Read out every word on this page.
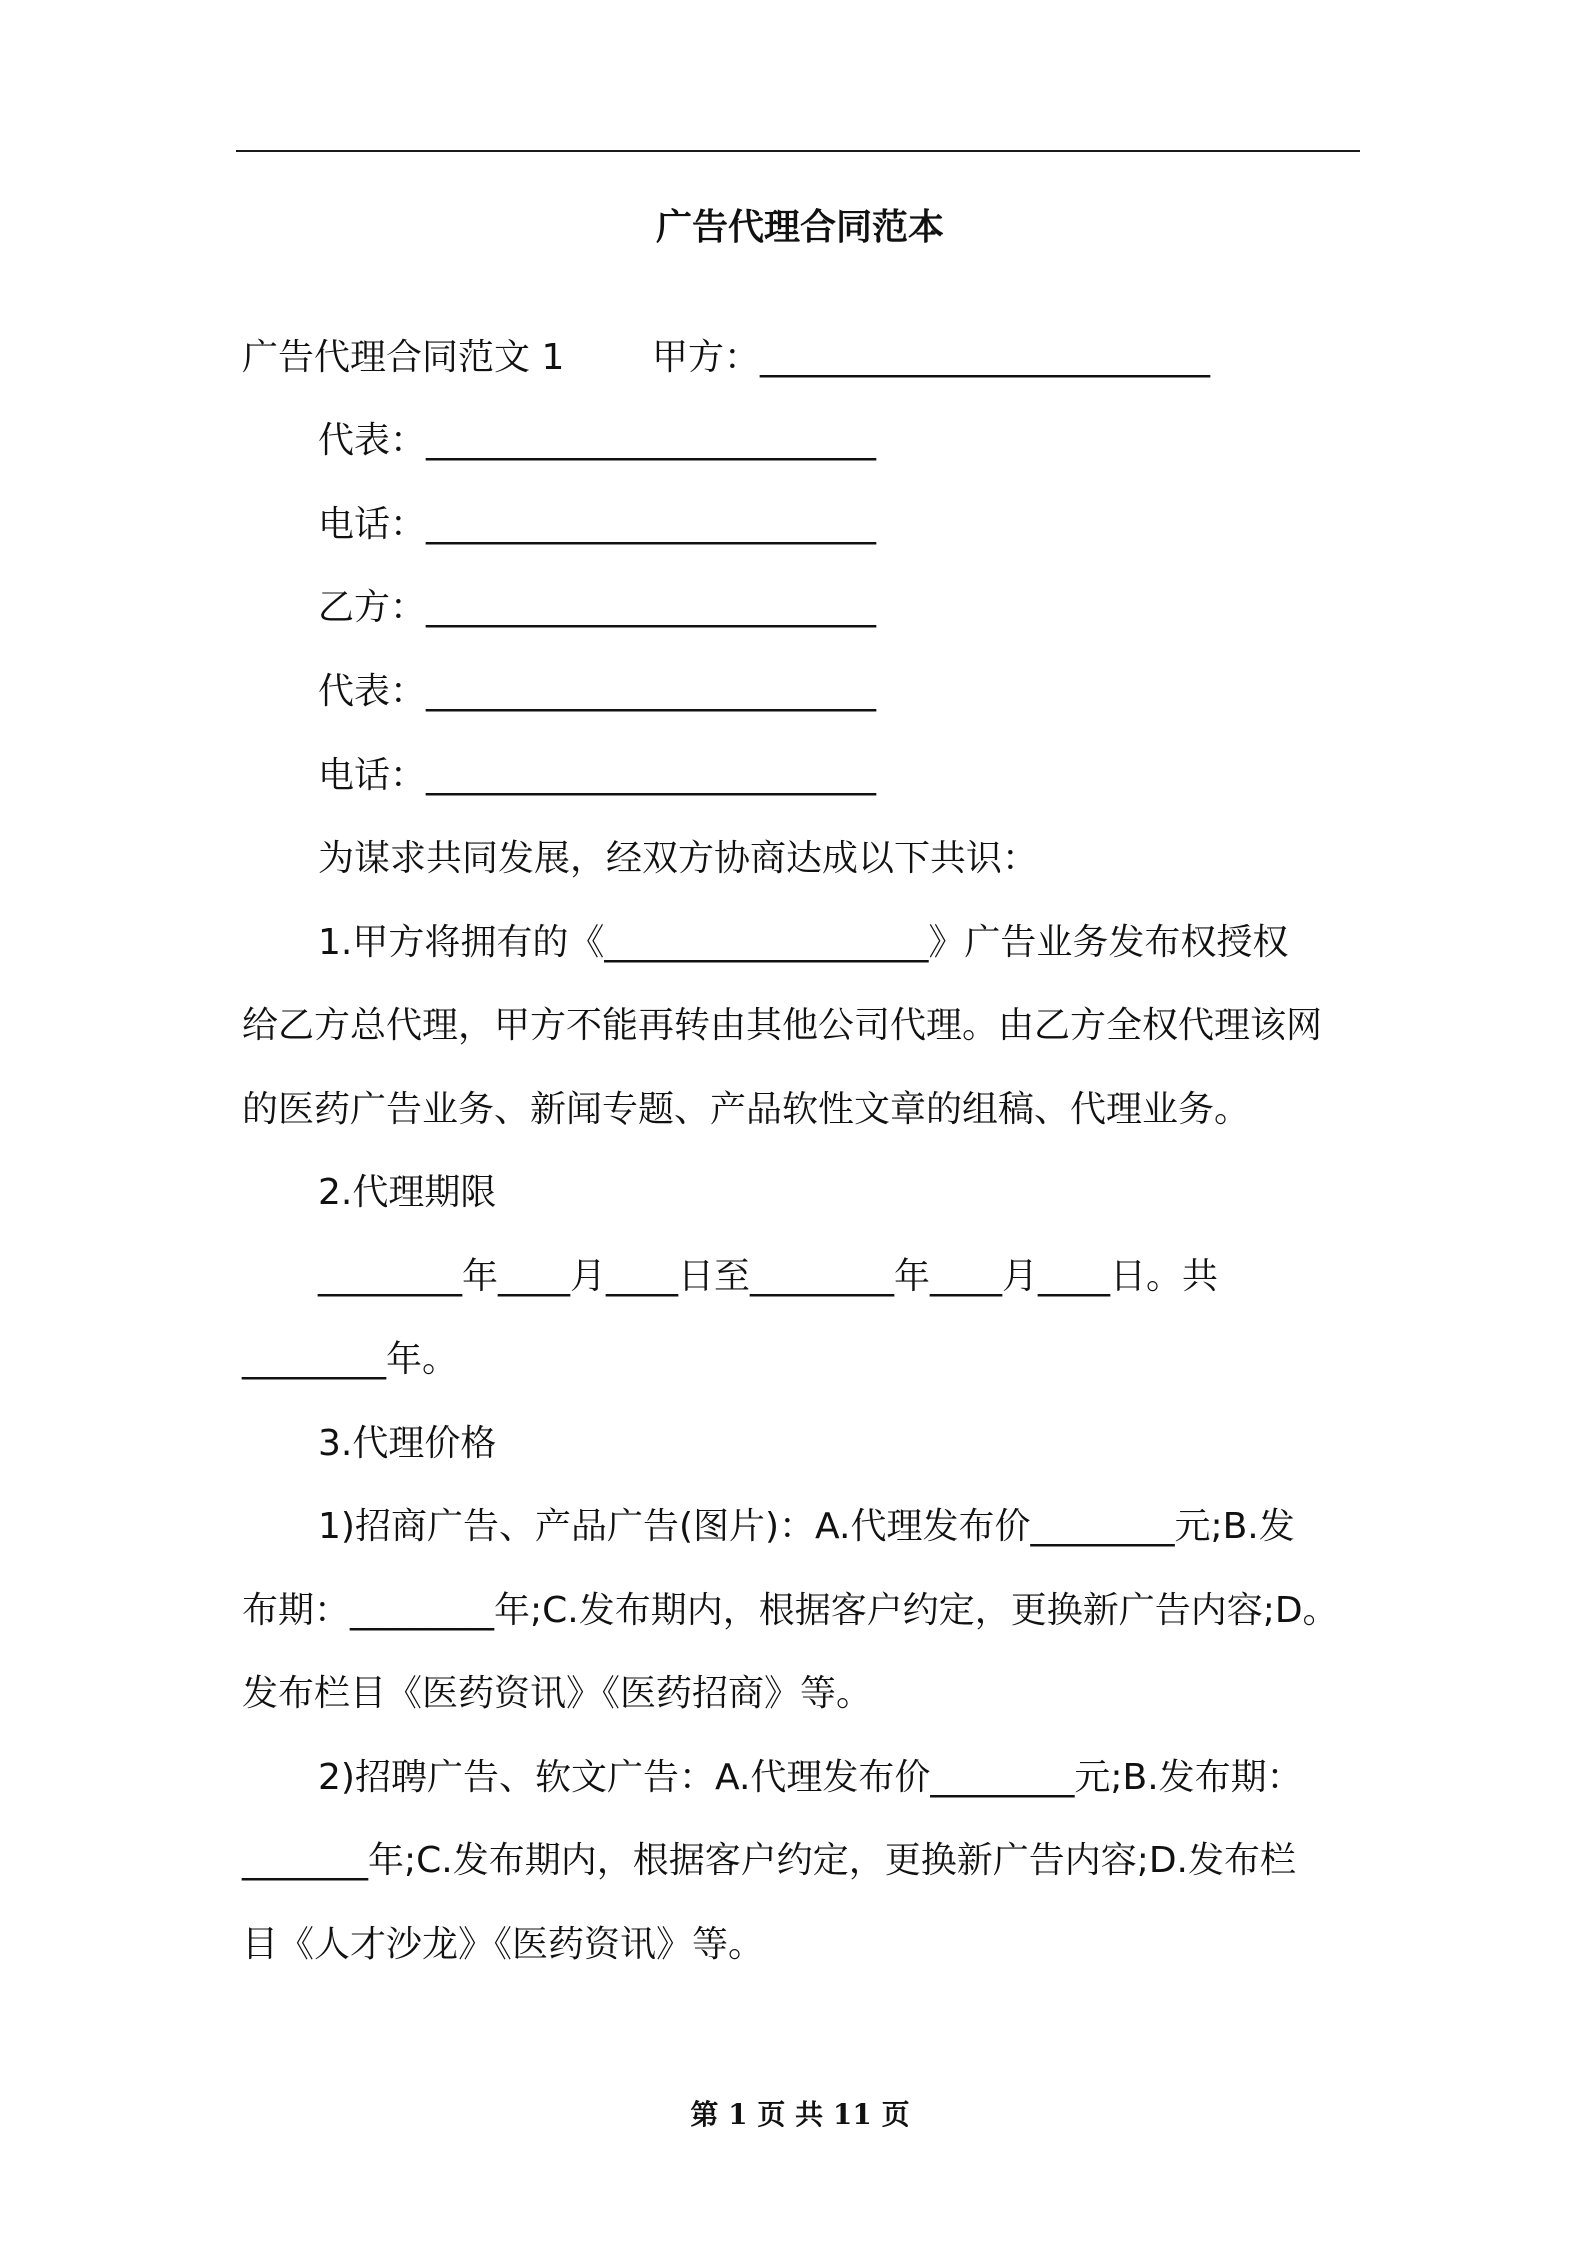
广告代理合同范本
广告代理合同范文 1 甲方：_________________________
代表：_________________________
电话：_________________________
乙方：_________________________
代表：_________________________
电话：_________________________
为谋求共同发展，经双方协商达成以下共识：
1.甲方将拥有的《__________________》广告业务发布权授权
给乙方总代理，甲方不能再转由其他公司代理。由乙方全权代理该网
的医药广告业务、新闻专题、产品软性文章的组稿、代理业务。
2.代理期限
________年____月____日至________年____月____日。共
________年。
3.代理价格
1)招商广告、产品广告(图片)：A.代理发布价________元;B.发
布期：________年;C.发布期内，根据客户约定，更换新广告内容;D。
发布栏目《医药资讯》《医药招商》等。
2)招聘广告、软文广告：A.代理发布价________元;B.发布期：
_______年;C.发布期内，根据客户约定，更换新广告内容;D.发布栏
目《人才沙龙》《医药资讯》等。
第 1 页 共 11 页
